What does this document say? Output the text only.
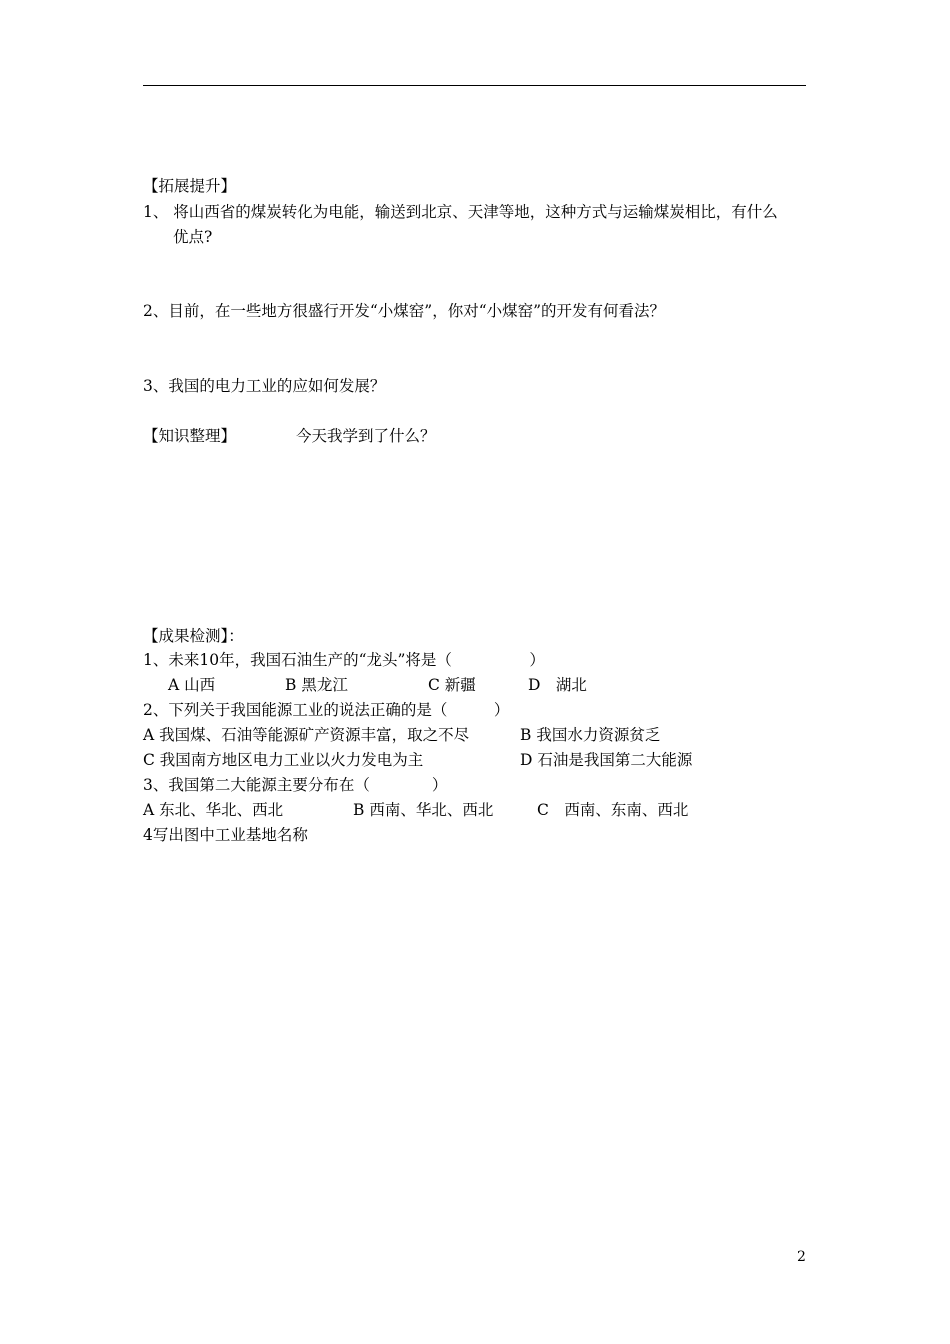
【拓展提升】
1、 将山西省的煤炭转化为电能，输送到北京、天津等地，这种方式与运输煤炭相比，有什么
优点?
2、目前，在一些地方很盛行开发“小煤窑”，你对“小煤窑”的开发有何看法？
3、我国的电力工业的应如何发展？
【知识整理】	今天我学到了什么？
【成果检测】：
1、未来10年，我国石油生产的“龙头”将是（　　　　　）
A 山西	B 黑龙江	C 新疆	D　湖北
2、下列关于我国能源工业的说法正确的是（　　　）
A 我国煤、石油等能源矿产资源丰富，取之不尽	B 我国水力资源贫乏
C 我国南方地区电力工业以火力发电为主	D 石油是我国第二大能源
3、我国第二大能源主要分布在（　　　　）
A 东北、华北、西北	B 西南、华北、西北	C　西南、东南、西北
4写出图中工业基地名称
2
